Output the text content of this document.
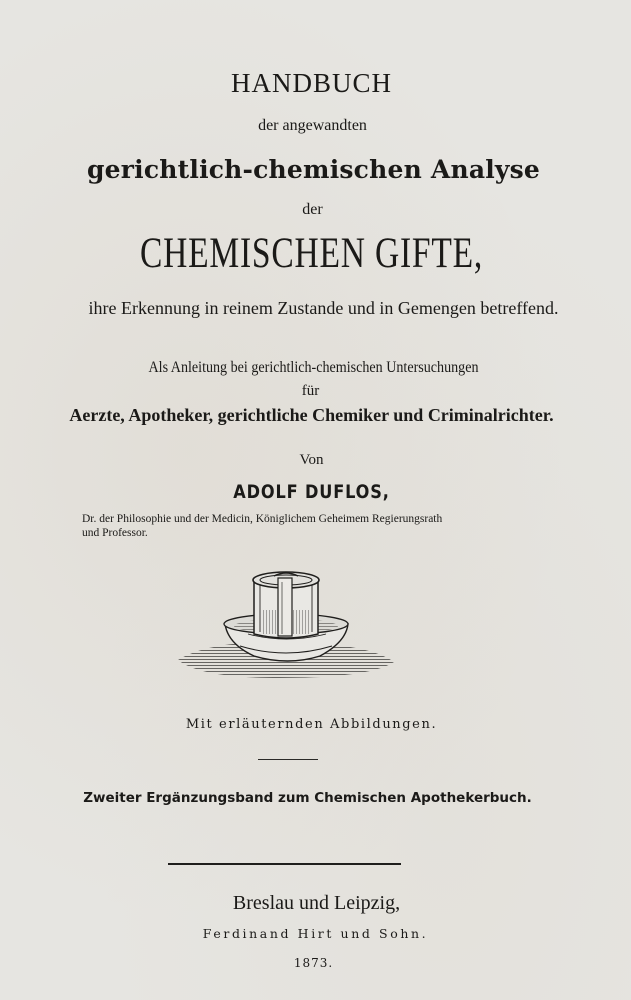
HANDBUCH
der angewandten
gerichtlich-chemischen Analyse
der
CHEMISCHEN GIFTE,
ihre Erkennung in reinem Zustande und in Gemengen betreffend.
Als Anleitung bei gerichtlich-chemischen Untersuchungen
für
Aerzte, Apotheker, gerichtliche Chemiker und Criminalrichter.
Von
ADOLF DUFLOS,
Dr. der Philosophie und der Medicin, Königlichem Geheimem Regierungsrath
und Professor.
Mit erläuternden Abbildungen.
Zweiter Ergänzungsband zum Chemischen Apothekerbuch.
Breslau und Leipzig,
Ferdinand Hirt und Sohn.
1873.
